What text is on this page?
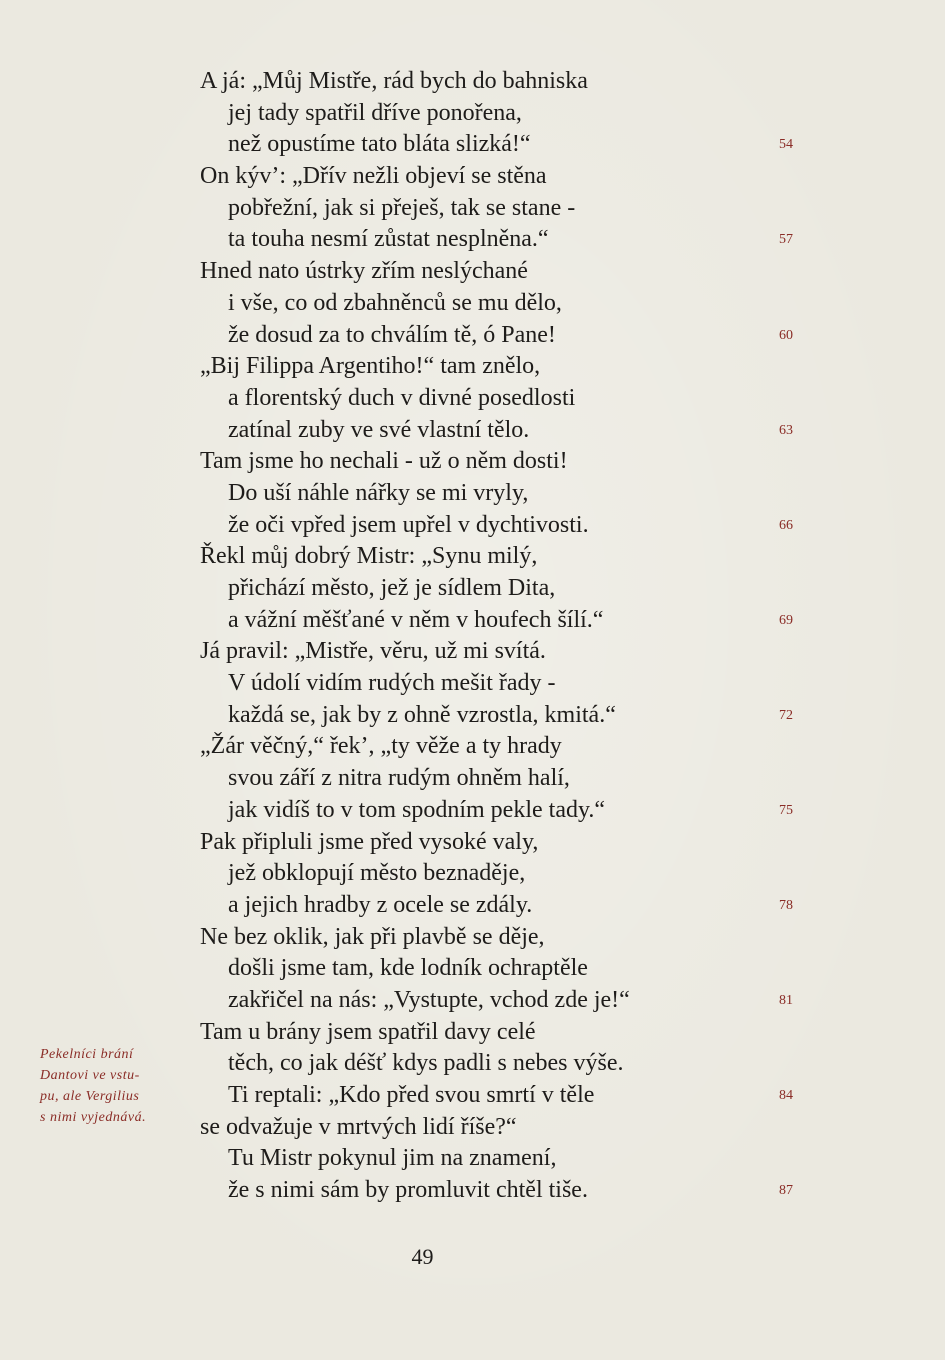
A já: „Můj Mistře, rád bych do bahniska
jej tady spatřil dříve ponořena,
než opustíme tato bláta slizká!“	54
On kýv’: „Dřív nežli objeví se stěna
pobřežní, jak si přeješ, tak se stane -
ta touha nesmí zůstat nesplněna.“	57
Hned nato ústrky zřím neslýchané
i vše, co od zbahněnců se mu dělo,
že dosud za to chválím tě, ó Pane!	60
„Bij Filippa Argentiho!“ tam znělo,
a florentský duch v divné posedlosti
zatínal zuby ve své vlastní tělo.	63
Tam jsme ho nechali - už o něm dosti!
Do uší náhle nářky se mi vryly,
že oči vpřed jsem upřel v dychtivosti.	66
Řekl můj dobrý Mistr: „Synu milý,
přichází město, jež je sídlem Dita,
a vážní měšťané v něm v houfech šílí.“	69
Já pravil: „Mistře, věru, už mi svítá.
V údolí vidím rudých mešit řady -
každá se, jak by z ohně vzrostla, kmitá.“	72
„Žár věčný,“ řek’, „ty věže a ty hrady
svou září z nitra rudým ohněm halí,
jak vidíš to v tom spodním pekle tady.“	75
Pak připluli jsme před vysoké valy,
jež obklopují město beznaděje,
a jejich hradby z ocele se zdály.	78
Ne bez oklik, jak při plavbě se děje,
došli jsme tam, kde lodník ochraptěle
zakřičel na nás: „Vystupte, vchod zde je!“	81
Tam u brány jsem spatřil davy celé
těch, co jak déšť kdys padli s nebes výše.
Ti reptali: „Kdo před svou smrtí v těle	84
se odvažuje v mrtvých lidí říše?“
Tu Mistr pokynul jim na znamení,
že s nimi sám by promluvit chtěl tiše.	87
Pekelníci brání
Dantovi ve vstu-
pu, ale Vergilius
s nimi vyjednává.
49
